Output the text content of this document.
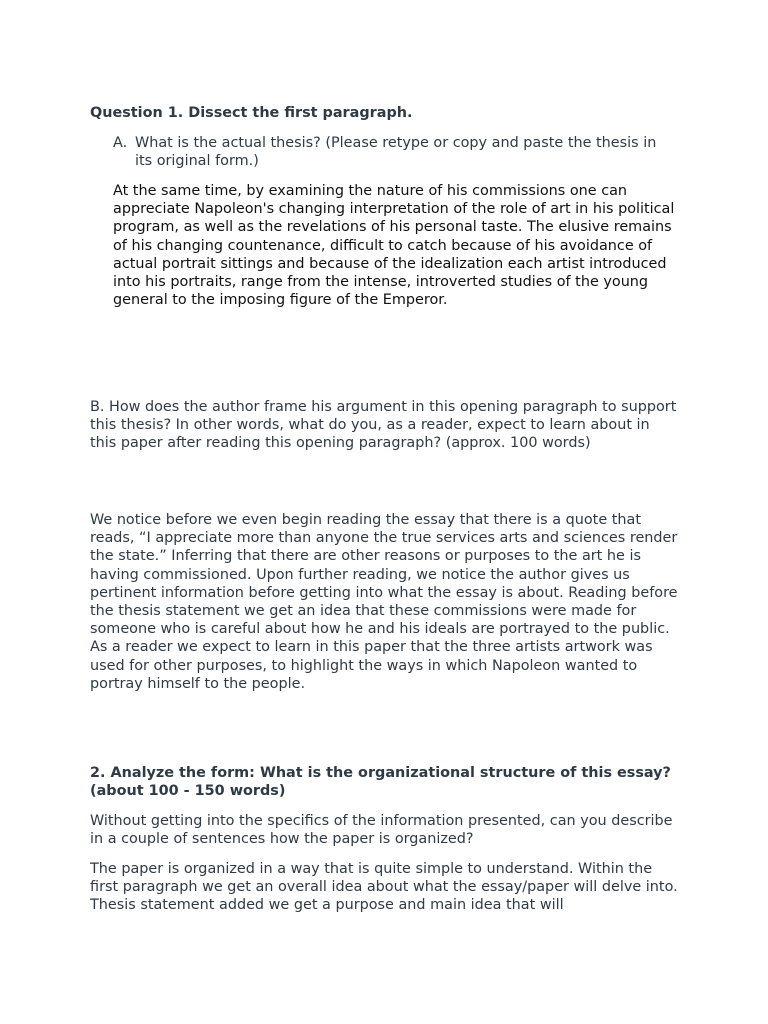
Question 1. Dissect the first paragraph.

A. What is the actual thesis? (Please retype or copy and paste the thesis in its original form.)

At the same time, by examining the nature of his commissions one can appreciate Napoleon's changing interpretation of the role of art in his political program, as well as the revelations of his personal taste. The elusive remains of his changing countenance, difficult to catch because of his avoidance of actual portrait sittings and because of the idealization each artist introduced into his portraits, range from the intense, introverted studies of the young general to the imposing figure of the Emperor.

B. How does the author frame his argument in this opening paragraph to support this thesis? In other words, what do you, as a reader, expect to learn about in this paper after reading this opening paragraph? (approx. 100 words)

We notice before we even begin reading the essay that there is a quote that reads, “I appreciate more than anyone the true services arts and sciences render the state.” Inferring that there are other reasons or purposes to the art he is having commissioned. Upon further reading, we notice the author gives us pertinent information before getting into what the essay is about. Reading before the thesis statement we get an idea that these commissions were made for someone who is careful about how he and his ideals are portrayed to the public. As a reader we expect to learn in this paper that the three artists artwork was used for other purposes, to highlight the ways in which Napoleon wanted to portray himself to the people.

2. Analyze the form: What is the organizational structure of this essay? (about 100 - 150 words)

Without getting into the specifics of the information presented, can you describe in a couple of sentences how the paper is organized?

The paper is organized in a way that is quite simple to understand. Within the first paragraph we get an overall idea about what the essay/paper will delve into. Thesis statement added we get a purpose and main idea that will
